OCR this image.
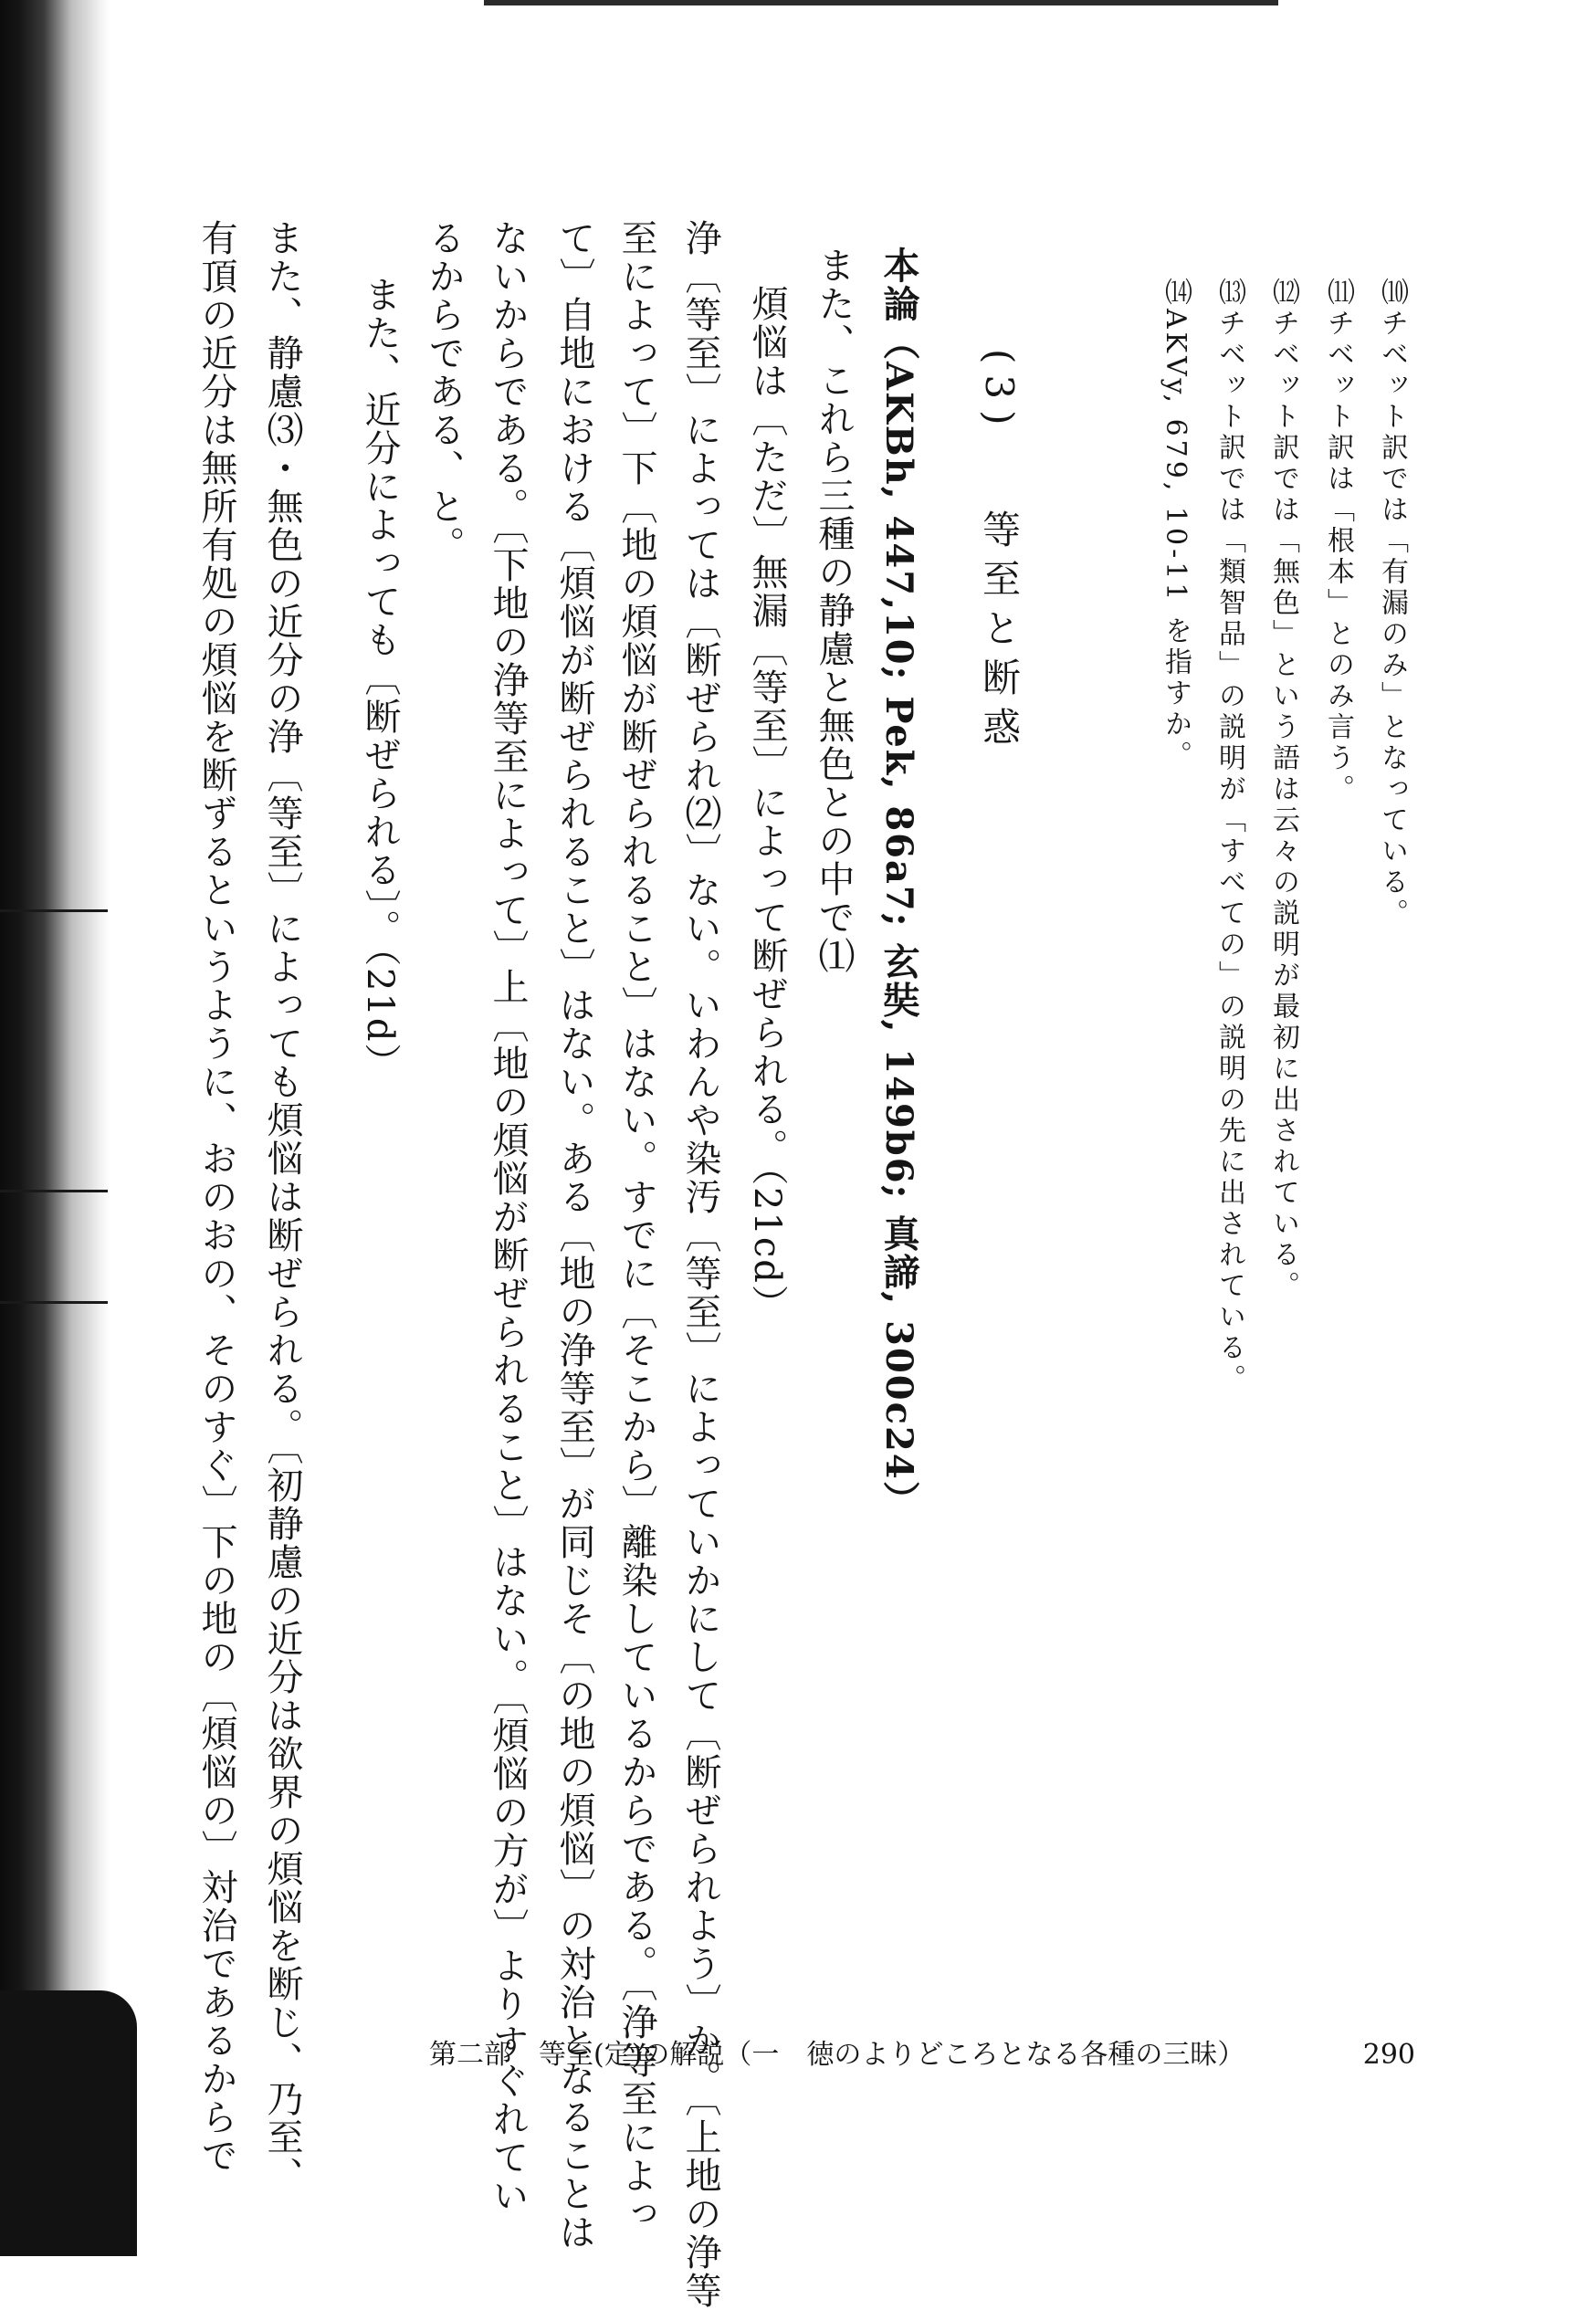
⑽チベット訳では「有漏のみ」となっている。
⑾チベット訳は「根本」とのみ言う。
⑿チベット訳では「無色」という語は云々の説明が最初に出されている。
⒀チベット訳では「類智品」の説明が「すべての」の説明の先に出されている。
⒁AKVy, 679, 10-11 を指すか。
(3)  等至と断惑
本論（AKBh, 447,10; Pek, 86a7; 玄奘, 149b6; 真諦, 300c24）
また、これら三種の静慮と無色との中で⑴
　煩悩は〔ただ〕無漏〔等至〕によって断ぜられる。（21cd）
浄〔等至〕によっては〔断ぜられ⑵〕ない。いわんや染汚〔等至〕によっていかにして〔断ぜられよう〕か。〔上地の浄等
至によって〕下〔地の煩悩が断ぜられること〕はない。すでに〔そこから〕離染しているからである。〔浄等至によっ
て〕自地における〔煩悩が断ぜられること〕はない。ある〔地の浄等至〕が同じそ〔の地の煩悩〕の対治となることは
ないからである。〔下地の浄等至によって〕上〔地の煩悩が断ぜられること〕はない。〔煩悩の方が〕よりすぐれてい
るからである、と。
　また、近分によっても〔断ぜられる〕。（21d）
また、静慮⑶・無色の近分の浄〔等至〕によっても煩悩は断ぜられる。〔初静慮の近分は欲界の煩悩を断じ、乃至、
有頂の近分は無所有処の煩悩を断ずるというように、おのおの、そのすぐ〕下の地の〔煩悩の〕対治であるからで	第二部　等至(定)の解説（一　徳のよりどころとなる各種の三昧）	290
